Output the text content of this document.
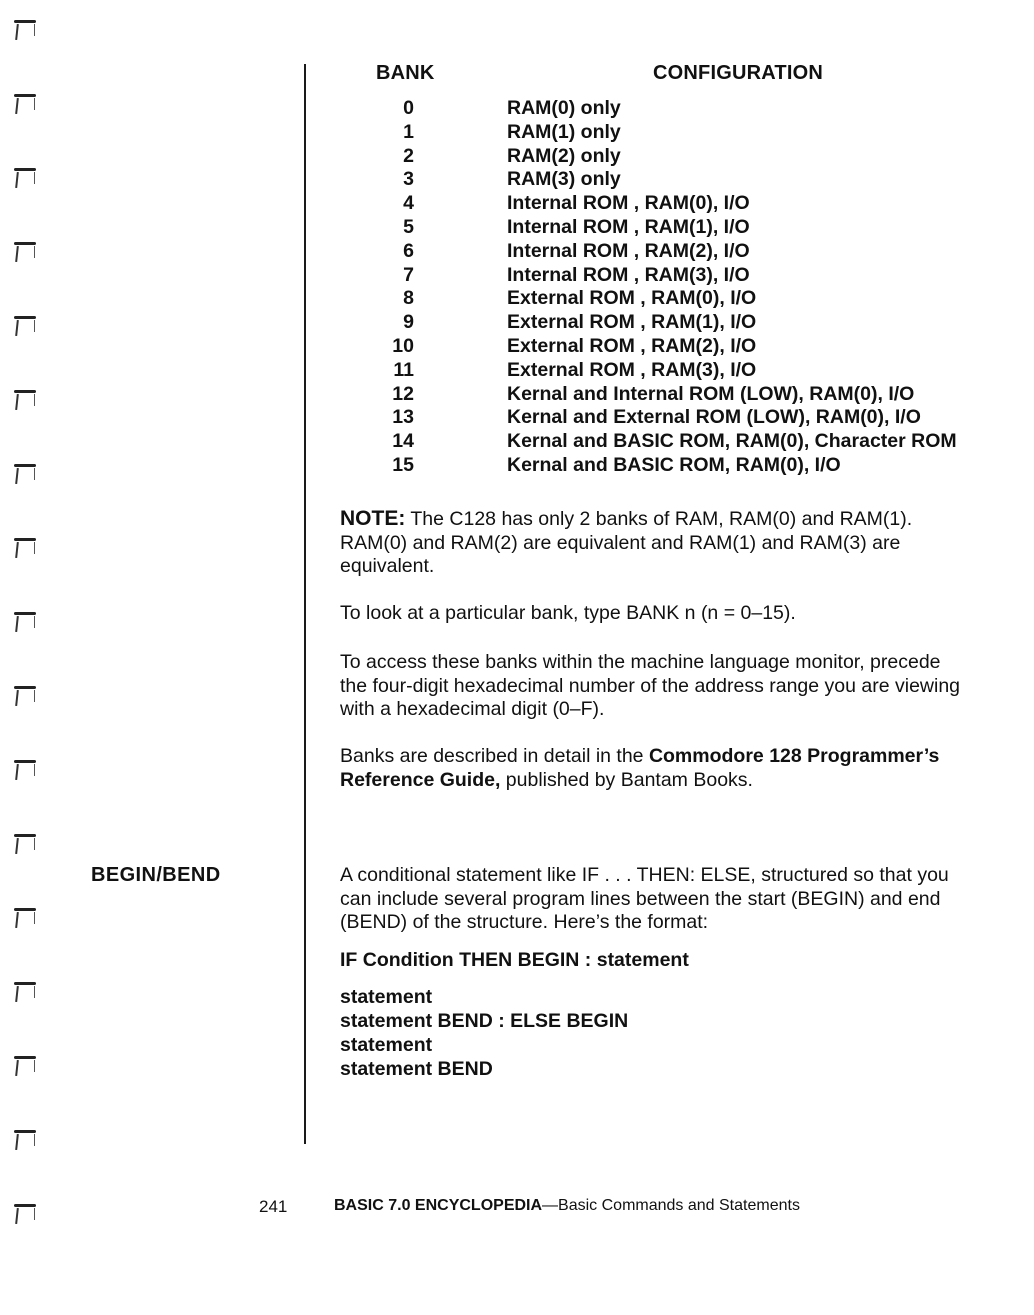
BANK	CONFIGURATION
0	RAM(0) only
1	RAM(1) only
2	RAM(2) only
3	RAM(3) only
4	Internal ROM , RAM(0), I/O
5	Internal ROM , RAM(1), I/O
6	Internal ROM , RAM(2), I/O
7	Internal ROM , RAM(3), I/O
8	External ROM , RAM(0), I/O
9	External ROM , RAM(1), I/O
10	External ROM , RAM(2), I/O
11	External ROM , RAM(3), I/O
12	Kernal and Internal ROM (LOW), RAM(0), I/O
13	Kernal and External ROM (LOW), RAM(0), I/O
14	Kernal and BASIC ROM, RAM(0), Character ROM
15	Kernal and BASIC ROM, RAM(0), I/O
NOTE: The C128 has only 2 banks of RAM, RAM(0) and RAM(1). RAM(0) and RAM(2) are equivalent and RAM(1) and RAM(3) are equivalent.
To look at a particular bank, type BANK n (n = 0–15).
To access these banks within the machine language monitor, precede the four-digit hexadecimal number of the address range you are viewing with a hexadecimal digit (0–F).
Banks are described in detail in the Commodore 128 Programmer’s Reference Guide, published by Bantam Books.
BEGIN/BEND	A conditional statement like IF . . . THEN: ELSE, structured so that you can include several program lines between the start (BEGIN) and end (BEND) of the structure. Here’s the format:
IF Condition THEN BEGIN : statement
statement
statement BEND : ELSE BEGIN
statement
statement BEND
241	BASIC 7.0 ENCYCLOPEDIA—Basic Commands and Statements
